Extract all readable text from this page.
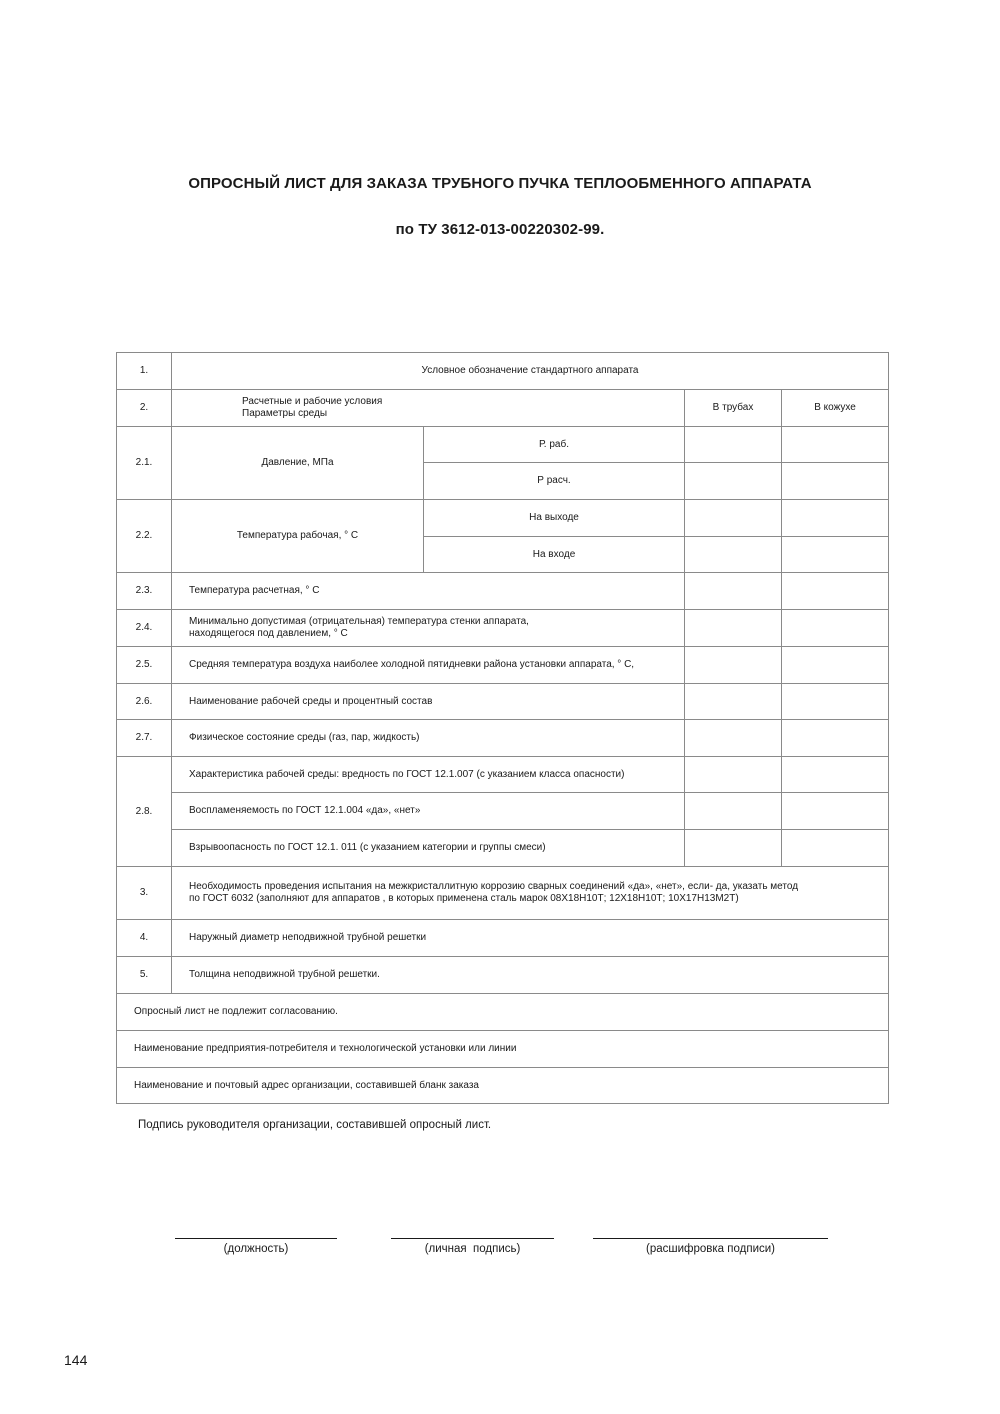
ОПРОСНЫЙ ЛИСТ ДЛЯ ЗАКАЗА ТРУБНОГО ПУЧКА ТЕПЛООБМЕННОГО АППАРАТА
по ТУ 3612-013-00220302-99.
1.	Условное обозначение стандартного аппарата			
2.	Расчетные и рабочие условия
Параметры среды		В трубах	В кожухе
2.1.	Давление, МПа	Р. раб.		
		Р расч.		
2.2.	Температура рабочая, ° С	На выходе		
		На входе		
2.3.	Температура расчетная, ° С			
2.4.	Минимально допустимая (отрицательная) температура стенки аппарата,
находящегося под давлением, ° С			

2.5.	Средняя температура воздуха наиболее холодной пятидневки района установки аппарата, ° С,			
2.6.	Наименование рабочей среды и процентный состав			
2.7.	Физическое состояние среды (газ, пар, жидкость)			
2.8.	Характеристика рабочей среды: вредность по ГОСТ 12.1.007 (с указанием класса опасности)			
	Воспламеняемость по ГОСТ 12.1.004 «да», «нет»			
	Взрывоопасность по ГОСТ 12.1. 011 (с указанием категории и группы смеси)			
3.	Необходимость проведения испытания на межкристаллитную коррозию сварных соединений «да», «нет», если- да, указать метод
по ГОСТ 6032 (заполняют для аппаратов , в которых применена сталь марок 08Х18Н10Т; 12Х18Н10Т; 10Х17Н13М2Т)			

4.	Наружный диаметр неподвижной трубной решетки			
5.	Толщина неподвижной трубной решетки.			
Опросный лист не подлежит согласованию.				
Наименование предприятия-потребителя и технологической установки или линии				
Наименование и почтовый адрес организации, составившей бланк заказа				
Подпись руководителя организации, составившей опросный лист.
(должность)	(личная  подпись)	(расшифровка подписи)
144
